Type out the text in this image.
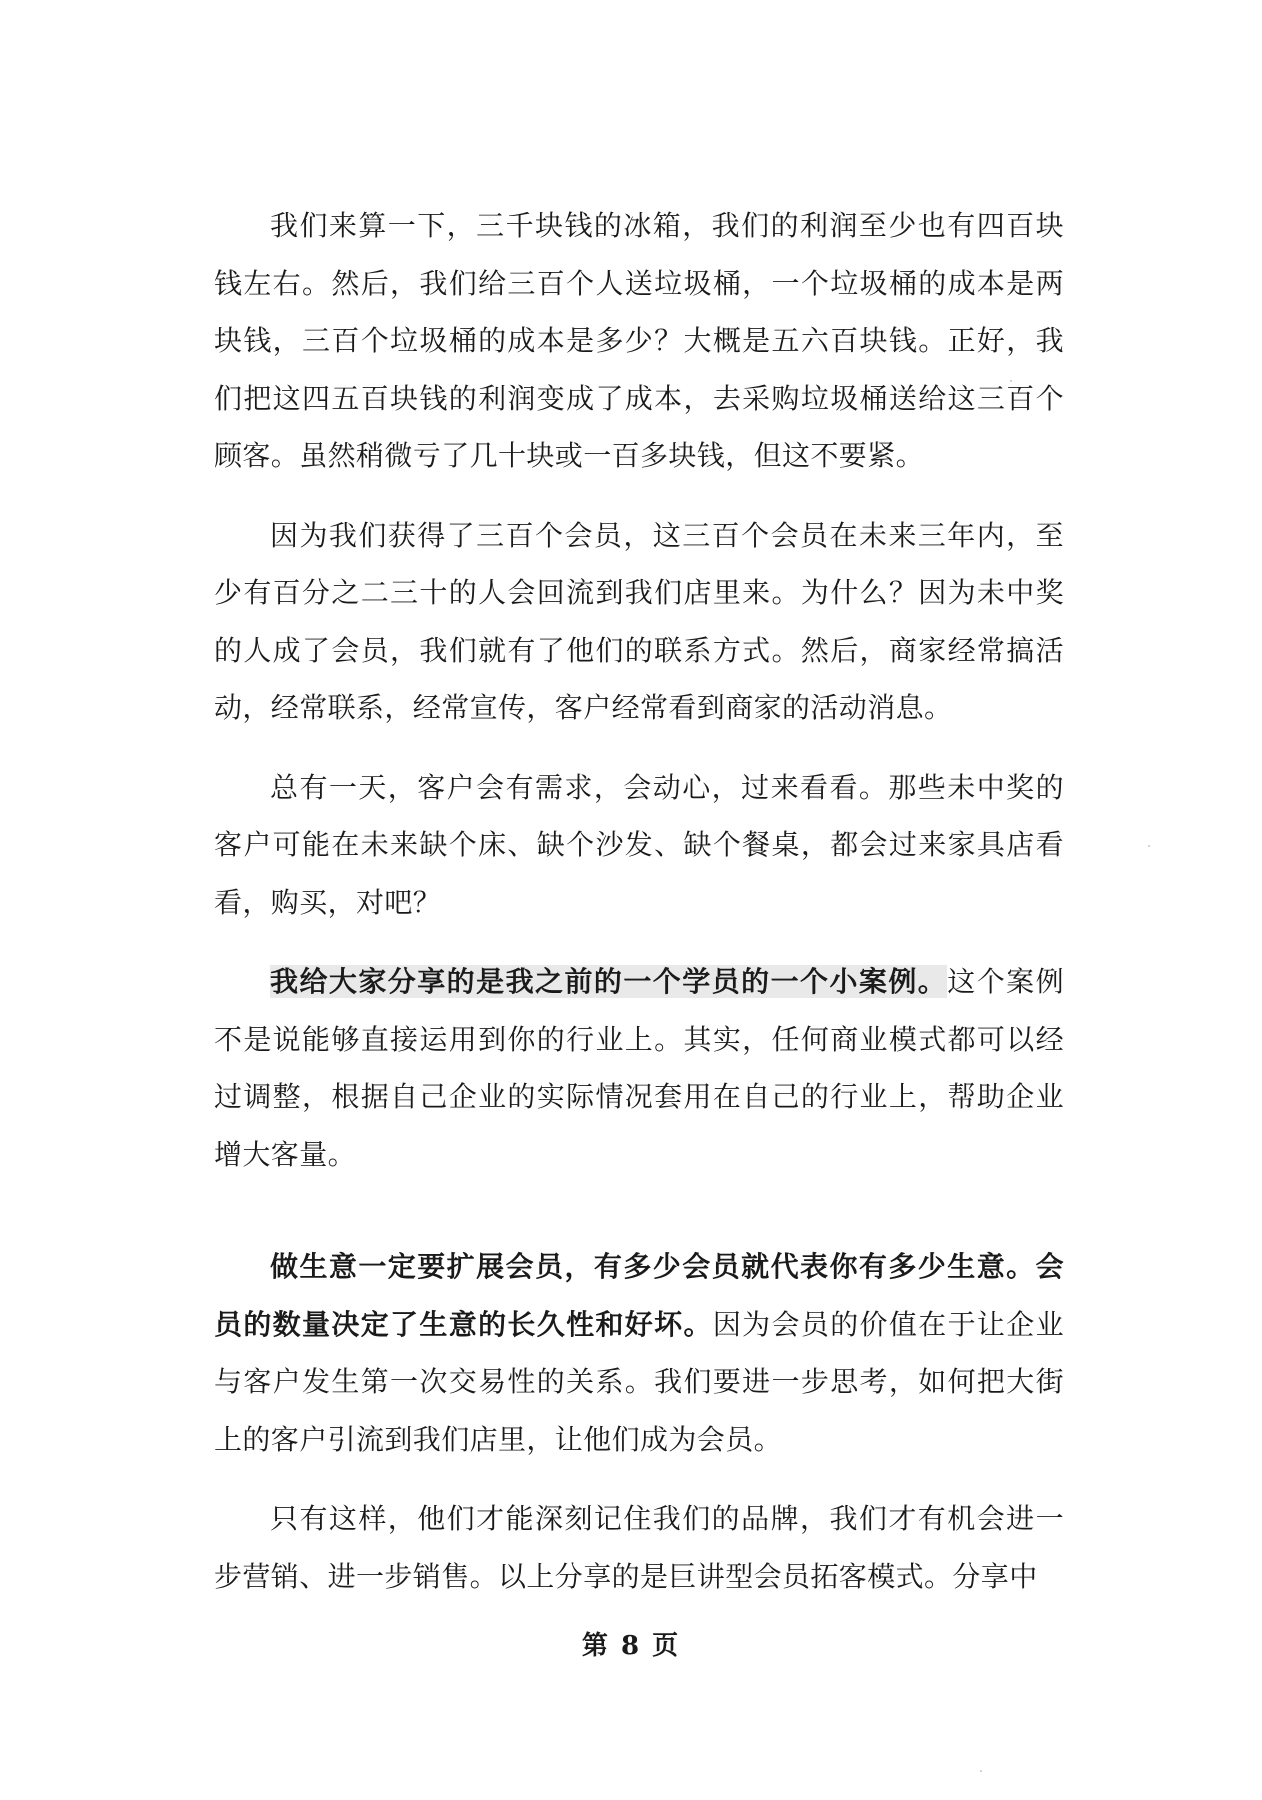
我们来算一下，三千块钱的冰箱，我们的利润至少也有四百块钱左右。然后，我们给三百个人送垃圾桶，一个垃圾桶的成本是两块钱，三百个垃圾桶的成本是多少？大概是五六百块钱。正好，我们把这四五百块钱的利润变成了成本，去采购垃圾桶送给这三百个顾客。虽然稍微亏了几十块或一百多块钱，但这不要紧。

因为我们获得了三百个会员，这三百个会员在未来三年内，至少有百分之二三十的人会回流到我们店里来。为什么？因为未中奖的人成了会员，我们就有了他们的联系方式。然后，商家经常搞活动，经常联系，经常宣传，客户经常看到商家的活动消息。

总有一天，客户会有需求，会动心，过来看看。那些未中奖的客户可能在未来缺个床、缺个沙发、缺个餐桌，都会过来家具店看看，购买，对吧？

我给大家分享的是我之前的一个学员的一个小案例。这个案例不是说能够直接运用到你的行业上。其实，任何商业模式都可以经过调整，根据自己企业的实际情况套用在自己的行业上，帮助企业增大客量。

做生意一定要扩展会员，有多少会员就代表你有多少生意。会员的数量决定了生意的长久性和好坏。因为会员的价值在于让企业与客户发生第一次交易性的关系。我们要进一步思考，如何把大街上的客户引流到我们店里，让他们成为会员。

只有这样，他们才能深刻记住我们的品牌，我们才有机会进一步营销、进一步销售。以上分享的是巨讲型会员拓客模式。分享中

第 8 页
